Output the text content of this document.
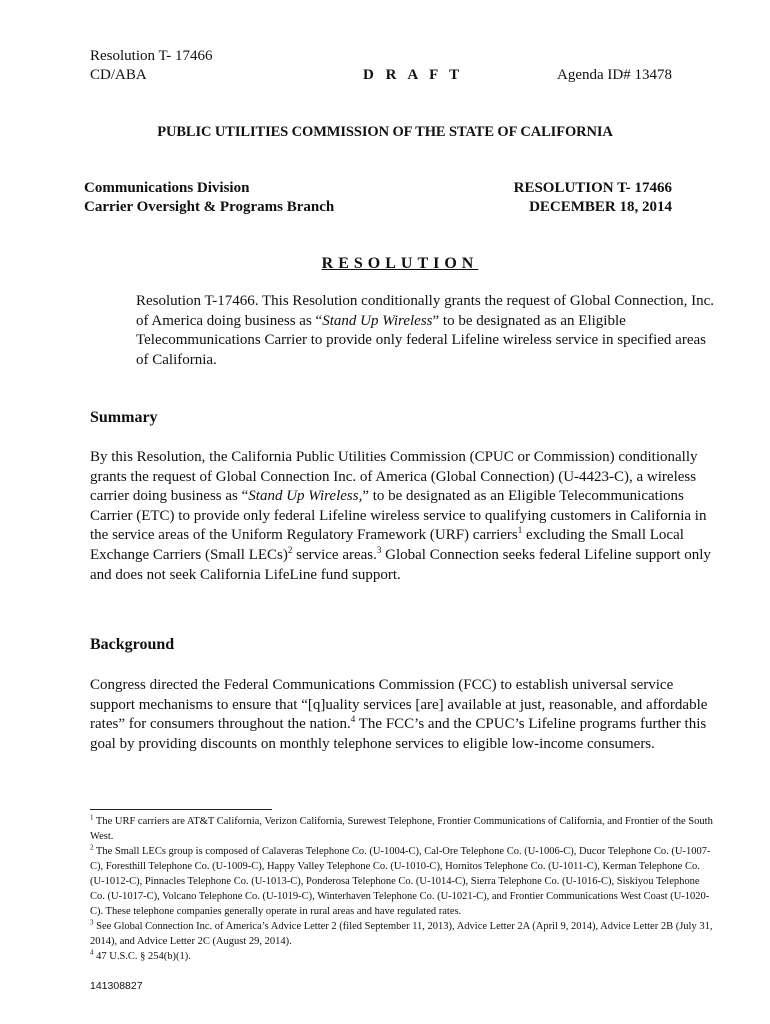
Resolution T- 17466
CD/ABA	D R A F T	Agenda ID# 13478
PUBLIC UTILITIES COMMISSION OF THE STATE OF CALIFORNIA
Communications Division
Carrier Oversight & Programs Branch
RESOLUTION T- 17466
DECEMBER 18, 2014
RESOLUTION
Resolution T-17466. This Resolution conditionally grants the request of Global Connection, Inc. of America doing business as “Stand Up Wireless” to be designated as an Eligible Telecommunications Carrier to provide only federal Lifeline wireless service in specified areas of California.
Summary
By this Resolution, the California Public Utilities Commission (CPUC or Commission) conditionally grants the request of Global Connection Inc. of America (Global Connection) (U-4423-C), a wireless carrier doing business as “Stand Up Wireless,” to be designated as an Eligible Telecommunications Carrier (ETC) to provide only federal Lifeline wireless service to qualifying customers in California in the service areas of the Uniform Regulatory Framework (URF) carriers$^1$ excluding the Small Local Exchange Carriers (Small LECs)$^2$ service areas.$^3$ Global Connection seeks federal Lifeline support only and does not seek California LifeLine fund support.
Background
Congress directed the Federal Communications Commission (FCC) to establish universal service support mechanisms to ensure that “[q]uality services [are] available at just, reasonable, and affordable rates” for consumers throughout the nation.$^4$ The FCC’s and the CPUC’s Lifeline programs further this goal by providing discounts on monthly telephone services to eligible low-income consumers.

$^1$ The URF carriers are AT&T California, Verizon California, Surewest Telephone, Frontier Communications of California, and Frontier of the South West.

$^2$ The Small LECs group is composed of Calaveras Telephone Co. (U-1004-C), Cal-Ore Telephone Co. (U-1006-C), Ducor Telephone Co. (U-1007-C), Foresthill Telephone Co. (U-1009-C), Happy Valley Telephone Co. (U-1010-C), Hornitos Telephone Co. (U-1011-C), Kerman Telephone Co. (U-1012-C), Pinnacles Telephone Co. (U-1013-C), Ponderosa Telephone Co. (U-1014-C), Sierra Telephone Co. (U-1016-C), Siskiyou Telephone Co. (U-1017-C), Volcano Telephone Co. (U-1019-C), Winterhaven Telephone Co. (U-1021-C), and Frontier Communications West Coast (U-1020-C). These telephone companies generally operate in rural areas and have regulated rates.

$^3$ See Global Connection Inc. of America’s Advice Letter 2 (filed September 11, 2013), Advice Letter 2A (April 9, 2014), Advice Letter 2B (July 31, 2014), and Advice Letter 2C (August 29, 2014).

$^4$ 47 U.S.C. § 254(b)(1).

141308827
